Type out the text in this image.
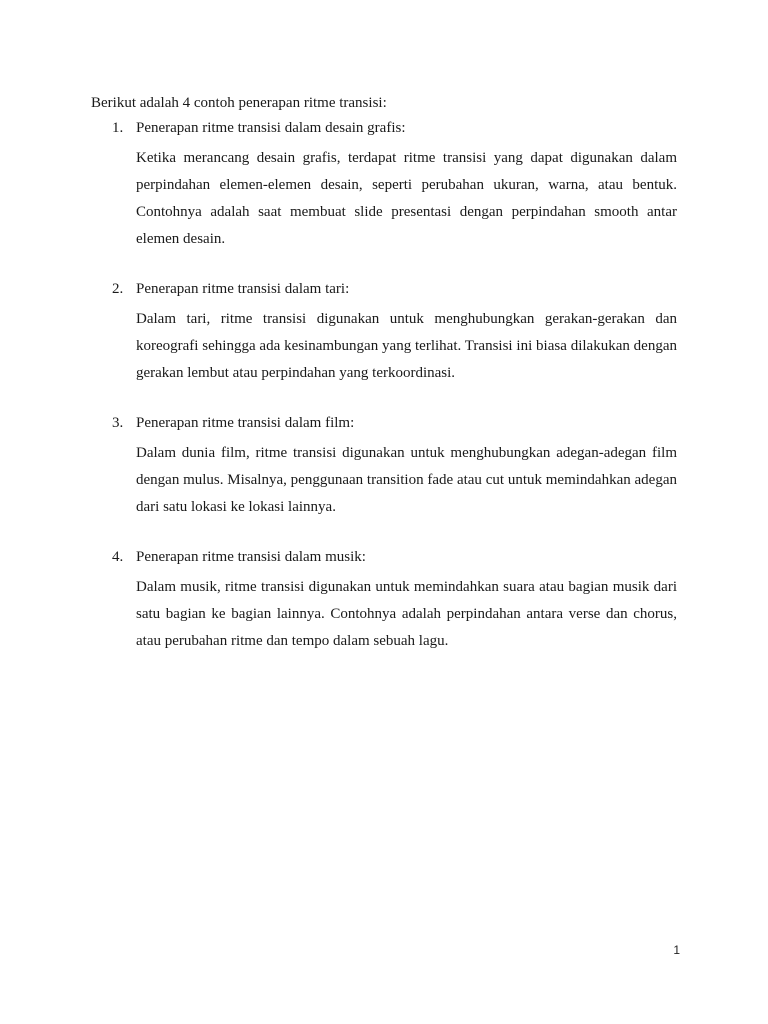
Berikut adalah 4 contoh penerapan ritme transisi:
1. Penerapan ritme transisi dalam desain grafis:

Ketika merancang desain grafis, terdapat ritme transisi yang dapat digunakan dalam perpindahan elemen-elemen desain, seperti perubahan ukuran, warna, atau bentuk. Contohnya adalah saat membuat slide presentasi dengan perpindahan smooth antar elemen desain.

2. Penerapan ritme transisi dalam tari:

Dalam tari, ritme transisi digunakan untuk menghubungkan gerakan-gerakan dan koreografi sehingga ada kesinambungan yang terlihat. Transisi ini biasa dilakukan dengan gerakan lembut atau perpindahan yang terkoordinasi.

3. Penerapan ritme transisi dalam film:

Dalam dunia film, ritme transisi digunakan untuk menghubungkan adegan-adegan film dengan mulus. Misalnya, penggunaan transition fade atau cut untuk memindahkan adegan dari satu lokasi ke lokasi lainnya.

4. Penerapan ritme transisi dalam musik:

Dalam musik, ritme transisi digunakan untuk memindahkan suara atau bagian musik dari satu bagian ke bagian lainnya. Contohnya adalah perpindahan antara verse dan chorus, atau perubahan ritme dan tempo dalam sebuah lagu.

1
